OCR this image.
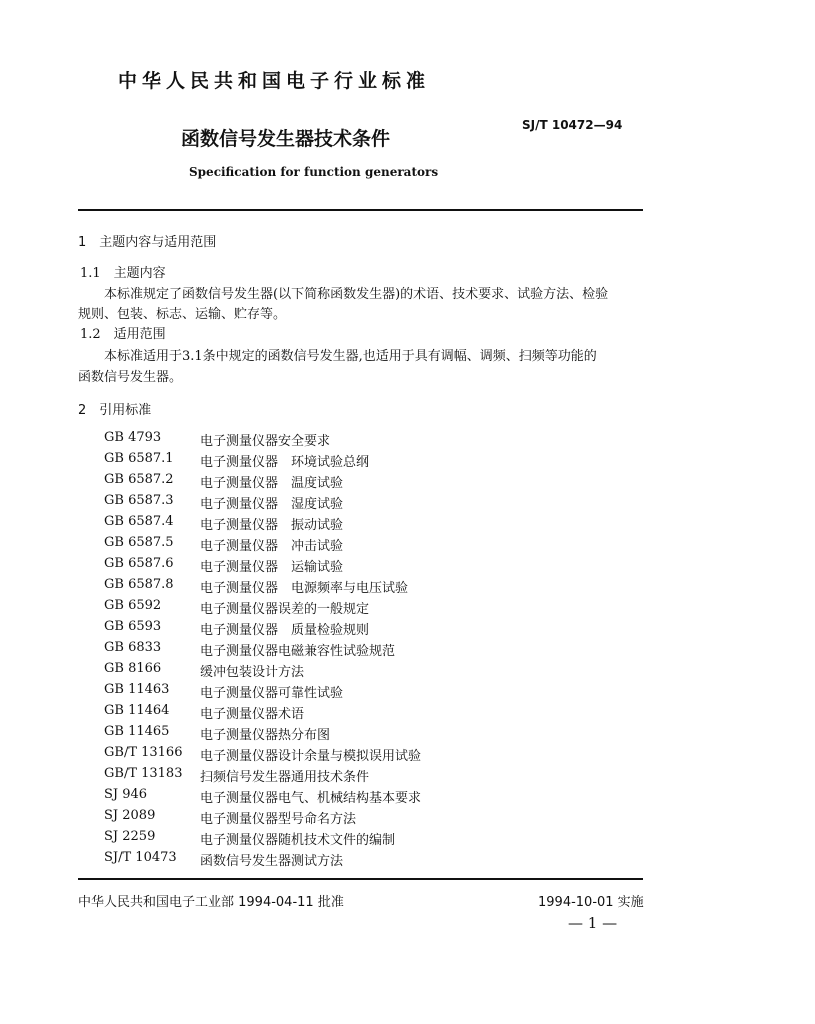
中华人民共和国电子行业标准
SJ/T 10472—94
函数信号发生器技术条件
Specification for function generators
1　主题内容与适用范围
1.1　主题内容
本标准规定了函数信号发生器(以下简称函数发生器)的术语、技术要求、试验方法、检验
规则、包装、标志、运输、贮存等。
1.2　适用范围
本标准适用于3.1条中规定的函数信号发生器,也适用于具有调幅、调频、扫频等功能的
函数信号发生器。
2　引用标准
GB 4793	电子测量仪器安全要求
GB 6587.1 电子测量仪器　环境试验总纲
GB 6587.2 电子测量仪器　温度试验
GB 6587.3 电子测量仪器　湿度试验
GB 6587.4 电子测量仪器　振动试验
GB 6587.5 电子测量仪器　冲击试验
GB 6587.6 电子测量仪器　运输试验
GB 6587.8 电子测量仪器　电源频率与电压试验
GB 6592	电子测量仪器误差的一般规定
GB 6593	电子测量仪器　质量检验规则
GB 6833	电子测量仪器电磁兼容性试验规范
GB 8166	缓冲包装设计方法
GB 11463 电子测量仪器可靠性试验
GB 11464 电子测量仪器术语
GB 11465 电子测量仪器热分布图
GB/T 13166 电子测量仪器设计余量与模拟误用试验
GB/T 13183 扫频信号发生器通用技术条件
SJ 946	电子测量仪器电气、机械结构基本要求
SJ 2089	电子测量仪器型号命名方法
SJ 2259	电子测量仪器随机技术文件的编制
SJ/T 10473 函数信号发生器测试方法
中华人民共和国电子工业部 1994-04-11 批准	1994-10-01 实施
— 1 —
